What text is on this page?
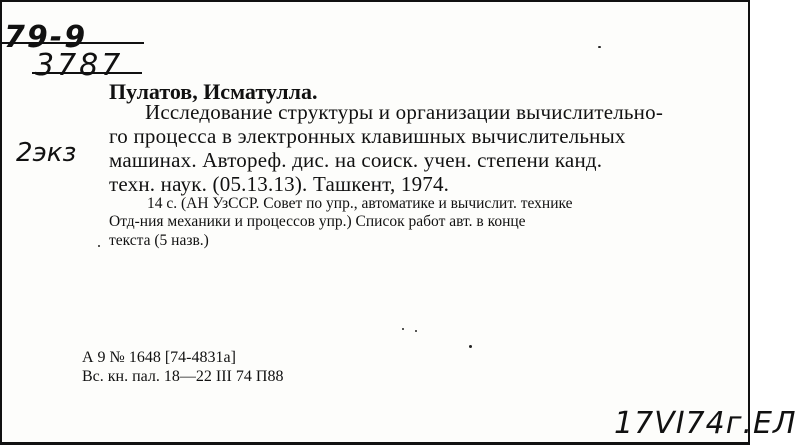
79-9
3787
2экз
Пулатов, Исматулла.
Исследование структуры и организации вычислительно-
го процесса в электронных клавишных вычислительных
машинах. Автореф. дис. на соиск. учен. степени канд.
техн. наук. (05.13.13). Ташкент, 1974.
14 с. (АН УзССР. Совет по упр., автоматике и вычислит. технике
Отд-ния механики и процессов упр.) Список работ авт. в конце
текста (5 назв.)
А 9 № 1648 [74-4831а]
Вс. кн. пал. 18—22 III 74 П88
17VI74г.ЕЛ
